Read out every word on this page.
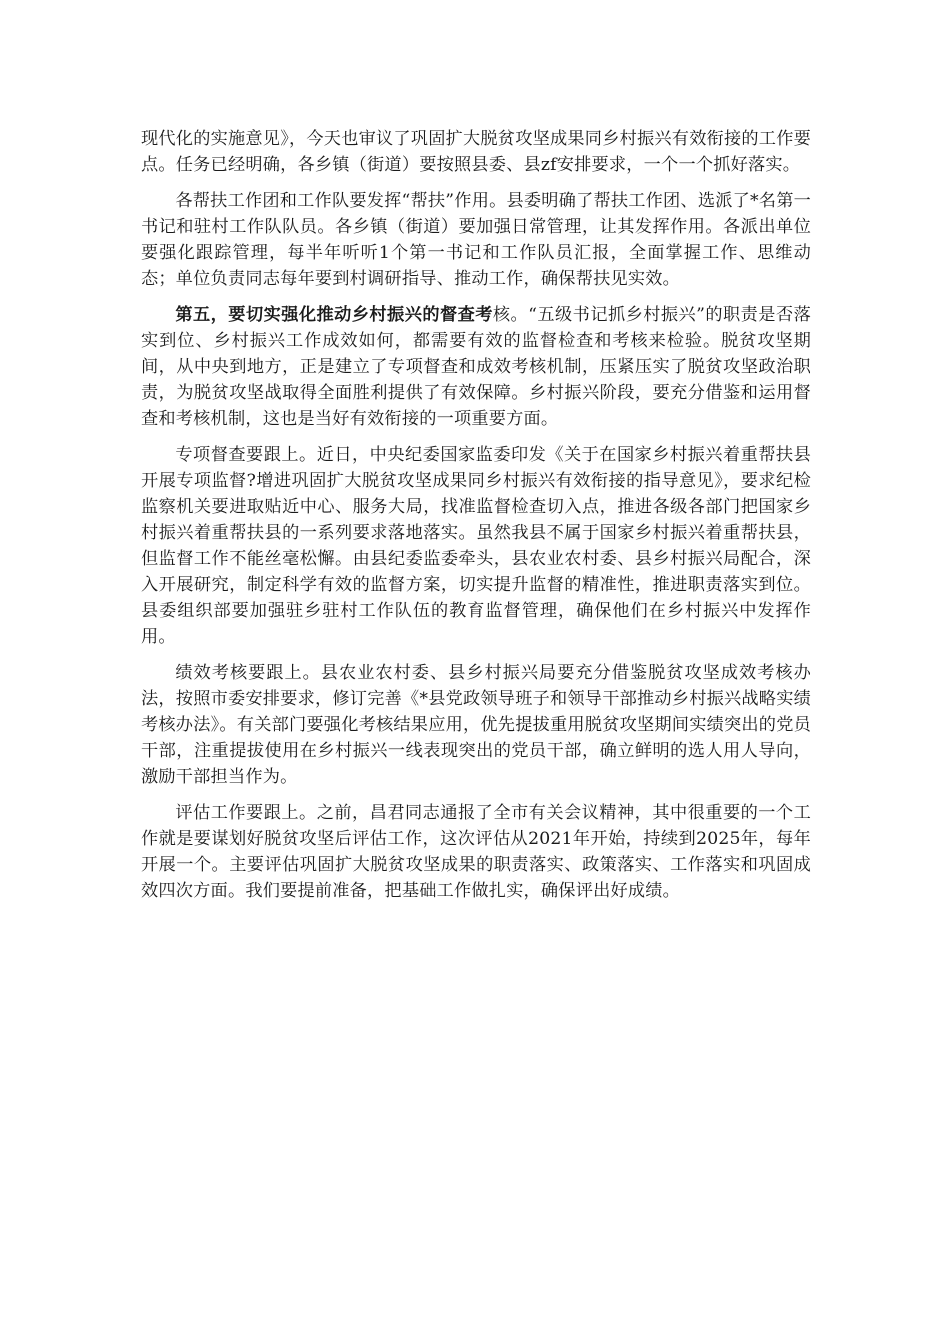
现代化的实施意见》，今天也审议了巩固扩大脱贫攻坚成果同乡村振兴有效衔接的工作要点。任务已经明确，各乡镇（街道）要按照县委、县zf安排要求，一个一个抓好落实。

各帮扶工作团和工作队要发挥“帮扶”作用。县委明确了帮扶工作团、选派了*名第一书记和驻村工作队队员。各乡镇（街道）要加强日常管理，让其发挥作用。各派出单位要强化跟踪管理，每半年听听1个第一书记和工作队员汇报，全面掌握工作、思维动态；单位负责同志每年要到村调研指导、推动工作，确保帮扶见实效。

第五，要切实强化推动乡村振兴的督查考核。“五级书记抓乡村振兴”的职责是否落实到位、乡村振兴工作成效如何，都需要有效的监督检查和考核来检验。脱贫攻坚期间，从中央到地方，正是建立了专项督查和成效考核机制，压紧压实了脱贫攻坚政治职责，为脱贫攻坚战取得全面胜利提供了有效保障。乡村振兴阶段，要充分借鉴和运用督查和考核机制，这也是当好有效衔接的一项重要方面。

专项督查要跟上。近日，中央纪委国家监委印发《关于在国家乡村振兴着重帮扶县开展专项监督?增进巩固扩大脱贫攻坚成果同乡村振兴有效衔接的指导意见》，要求纪检监察机关要进取贴近中心、服务大局，找准监督检查切入点，推进各级各部门把国家乡村振兴着重帮扶县的一系列要求落地落实。虽然我县不属于国家乡村振兴着重帮扶县，但监督工作不能丝毫松懈。由县纪委监委牵头，县农业农村委、县乡村振兴局配合，深入开展研究，制定科学有效的监督方案，切实提升监督的精准性，推进职责落实到位。县委组织部要加强驻乡驻村工作队伍的教育监督管理，确保他们在乡村振兴中发挥作用。

绩效考核要跟上。县农业农村委、县乡村振兴局要充分借鉴脱贫攻坚成效考核办法，按照市委安排要求，修订完善《*县党政领导班子和领导干部推动乡村振兴战略实绩考核办法》。有关部门要强化考核结果应用，优先提拔重用脱贫攻坚期间实绩突出的党员干部，注重提拔使用在乡村振兴一线表现突出的党员干部，确立鲜明的选人用人导向，激励干部担当作为。

评估工作要跟上。之前，昌君同志通报了全市有关会议精神，其中很重要的一个工作就是要谋划好脱贫攻坚后评估工作，这次评估从2021年开始，持续到2025年，每年开展一个。主要评估巩固扩大脱贫攻坚成果的职责落实、政策落实、工作落实和巩固成效四次方面。我们要提前准备，把基础工作做扎实，确保评出好成绩。
